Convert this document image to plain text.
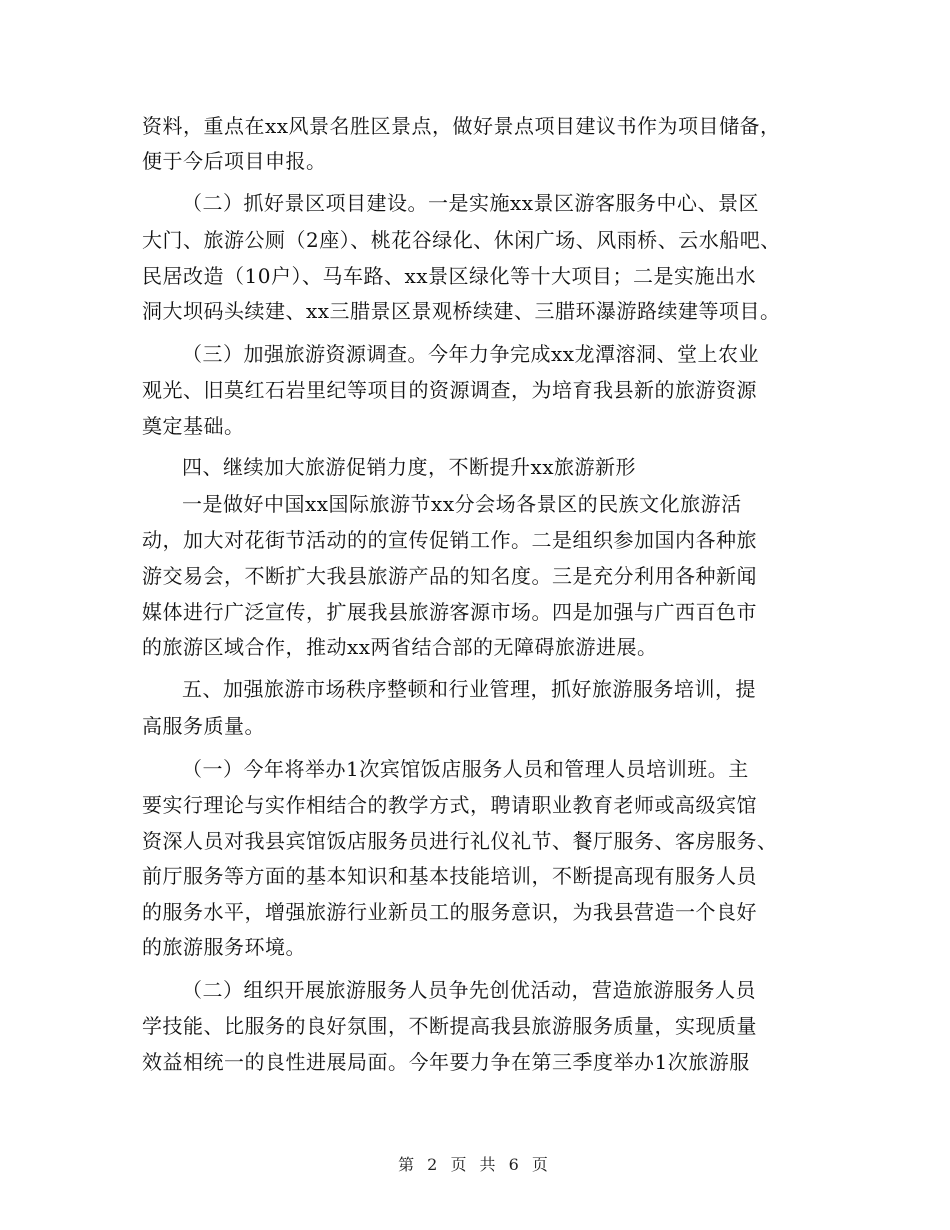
资料，重点在xx风景名胜区景点，做好景点项目建议书作为项目储备，
便于今后项目申报。
（二）抓好景区项目建设。一是实施xx景区游客服务中心、景区
大门、旅游公厕（2座）、桃花谷绿化、休闲广场、风雨桥、云水船吧、
民居改造（10户）、马车路、xx景区绿化等十大项目；二是实施出水
洞大坝码头续建、xx三腊景区景观桥续建、三腊环瀑游路续建等项目。
（三）加强旅游资源调查。今年力争完成xx龙潭溶洞、堂上农业
观光、旧莫红石岩里纪等项目的资源调查，为培育我县新的旅游资源
奠定基础。
四、继续加大旅游促销力度，不断提升xx旅游新形
一是做好中国xx国际旅游节xx分会场各景区的民族文化旅游活
动，加大对花街节活动的的宣传促销工作。二是组织参加国内各种旅
游交易会，不断扩大我县旅游产品的知名度。三是充分利用各种新闻
媒体进行广泛宣传，扩展我县旅游客源市场。四是加强与广西百色市
的旅游区域合作，推动xx两省结合部的无障碍旅游进展。
五、加强旅游市场秩序整顿和行业管理，抓好旅游服务培训，提
高服务质量。
（一）今年将举办1次宾馆饭店服务人员和管理人员培训班。主
要实行理论与实作相结合的教学方式，聘请职业教育老师或高级宾馆
资深人员对我县宾馆饭店服务员进行礼仪礼节、餐厅服务、客房服务、
前厅服务等方面的基本知识和基本技能培训，不断提高现有服务人员
的服务水平，增强旅游行业新员工的服务意识，为我县营造一个良好
的旅游服务环境。
（二）组织开展旅游服务人员争先创优活动，营造旅游服务人员
学技能、比服务的良好氛围，不断提高我县旅游服务质量，实现质量
效益相统一的良性进展局面。今年要力争在第三季度举办1次旅游服
第 2 页 共 6 页
